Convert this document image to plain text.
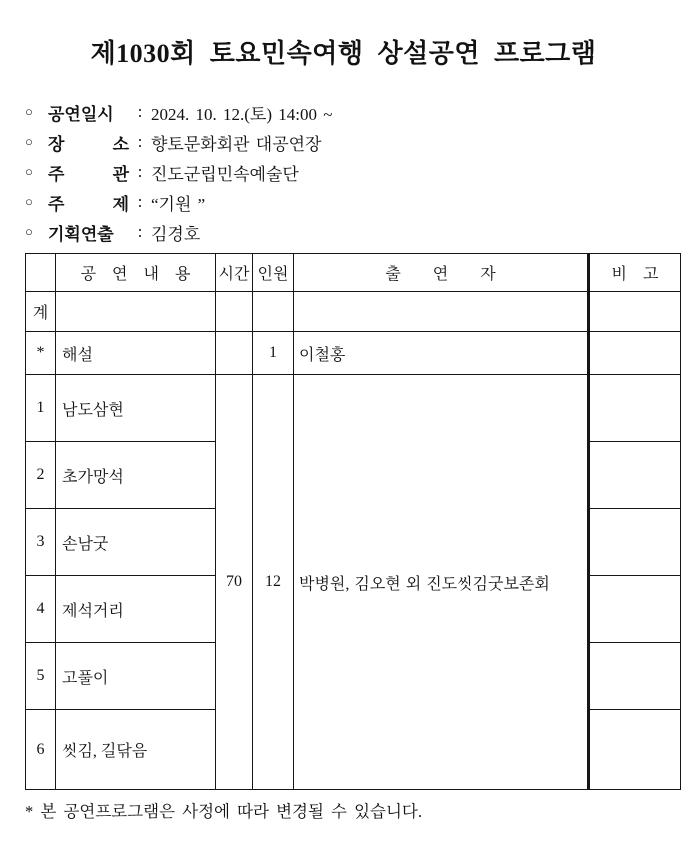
제1030회 토요민속여행 상설공연 프로그램
○ 공연일시	: 2024. 10. 12.(토) 14:00 ~
○ 장 소 : 향토문화회관 대공연장
○ 주 관 : 진도군립민속예술단
○ 주 제 : “기원 ”
○ 기획연출	: 김경호
	공　연　내　용	시간	인원	출　　연　　자	비　고
계					
*	해설		1	이철홍	
1	남도삼현	70	12	박병원, 김오현 외 진도씻김굿보존회	
2	초가망석				
3	손남굿				
4	제석거리				
5	고풀이				
6	씻김, 길닦음				
* 본 공연프로그램은 사정에 따라 변경될 수 있습니다.
